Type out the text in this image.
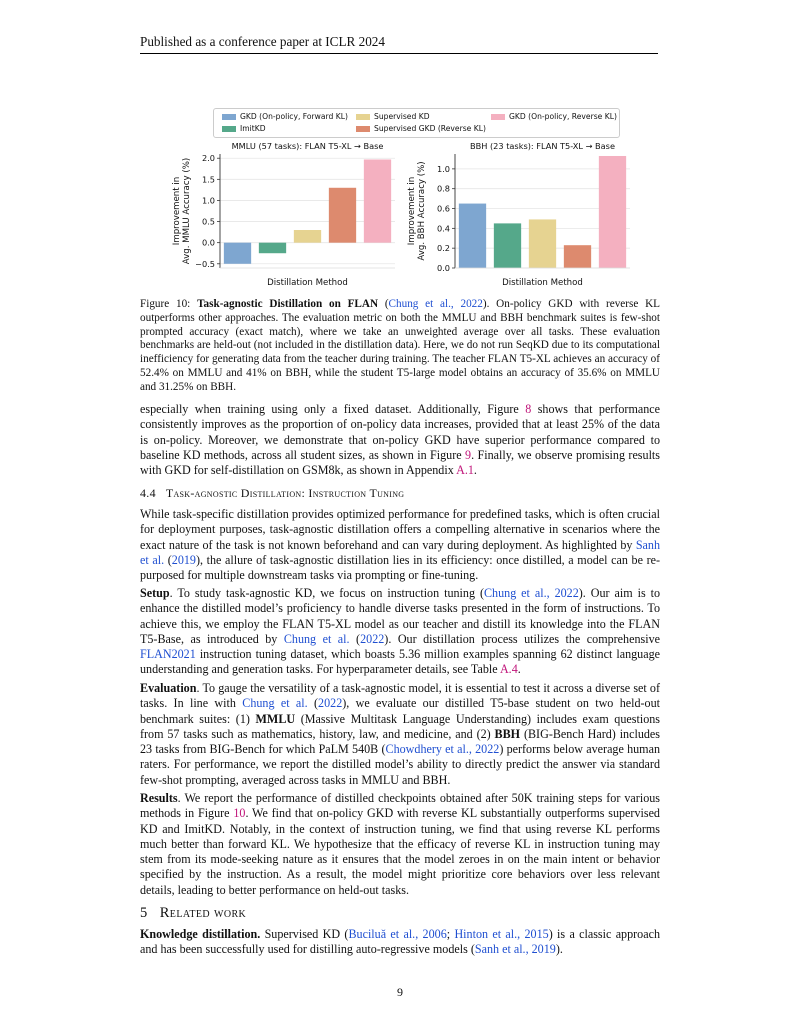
Published as a conference paper at ICLR 2024
GKD (On-policy, Forward KL)	Supervised KD	GKD (On-policy, Reverse KL)
ImitKD	Supervised GKD (Reverse KL)
MMLU (57 tasks): FLAN T5-XL → Base
2.0
1.5
1.0
0.5
0.0
−0.5
Distillation Method
Improvement in Avg. MMLU Accuracy (%)
BBH (23 tasks): FLAN T5-XL → Base
1.0
0.8
0.6
0.4
0.2
0.0
Distillation Method
Improvement in Avg. BBH Accuracy (%)
Figure 10: Task-agnostic Distillation on FLAN (Chung et al., 2022). On-policy GKD with reverse KL outperforms other approaches. The evaluation metric on both the MMLU and BBH benchmark suites is few-shot prompted accuracy (exact match), where we take an unweighted average over all tasks. These evaluation benchmarks are held-out (not included in the distillation data). Here, we do not run SeqKD due to its computational inefficiency for generating data from the teacher during training. The teacher FLAN T5-XL achieves an accuracy of 52.4% on MMLU and 41% on BBH, while the student T5-large model obtains an accuracy of 35.6% on MMLU and 31.25% on BBH.
especially when training using only a fixed dataset. Additionally, Figure 8 shows that performance consistently improves as the proportion of on-policy data increases, provided that at least 25% of the data is on-policy. Moreover, we demonstrate that on-policy GKD have superior performance compared to baseline KD methods, across all student sizes, as shown in Figure 9. Finally, we observe promising results with GKD for self-distillation on GSM8k, as shown in Appendix A.1.
4.4 Task-agnostic Distillation: Instruction Tuning
While task-specific distillation provides optimized performance for predefined tasks, which is often crucial for deployment purposes, task-agnostic distillation offers a compelling alternative in scenarios where the exact nature of the task is not known beforehand and can vary during deployment. As highlighted by Sanh et al. (2019), the allure of task-agnostic distillation lies in its efficiency: once distilled, a model can be re-purposed for multiple downstream tasks via prompting or fine-tuning.
Setup. To study task-agnostic KD, we focus on instruction tuning (Chung et al., 2022). Our aim is to enhance the distilled model’s proficiency to handle diverse tasks presented in the form of instructions. To achieve this, we employ the FLAN T5-XL model as our teacher and distill its knowledge into the FLAN T5-Base, as introduced by Chung et al. (2022). Our distillation process utilizes the comprehensive FLAN2021 instruction tuning dataset, which boasts 5.36 million examples spanning 62 distinct language understanding and generation tasks. For hyperparameter details, see Table A.4.
Evaluation. To gauge the versatility of a task-agnostic model, it is essential to test it across a diverse set of tasks. In line with Chung et al. (2022), we evaluate our distilled T5-base student on two held-out benchmark suites: (1) MMLU (Massive Multitask Language Understanding) includes exam questions from 57 tasks such as mathematics, history, law, and medicine, and (2) BBH (BIG-Bench Hard) includes 23 tasks from BIG-Bench for which PaLM 540B (Chowdhery et al., 2022) performs below average human raters. For performance, we report the distilled model’s ability to directly predict the answer via standard few-shot prompting, averaged across tasks in MMLU and BBH.
Results. We report the performance of distilled checkpoints obtained after 50K training steps for various methods in Figure 10. We find that on-policy GKD with reverse KL substantially outperforms supervised KD and ImitKD. Notably, in the context of instruction tuning, we find that using reverse KL performs much better than forward KL. We hypothesize that the efficacy of reverse KL in instruction tuning may stem from its mode-seeking nature as it ensures that the model zeroes in on the main intent or behavior specified by the instruction. As a result, the model might prioritize core behaviors over less relevant details, leading to better performance on held-out tasks.
5 Related work
Knowledge distillation. Supervised KD (Buciluǎ et al., 2006; Hinton et al., 2015) is a classic approach and has been successfully used for distilling auto-regressive models (Sanh et al., 2019).
9
